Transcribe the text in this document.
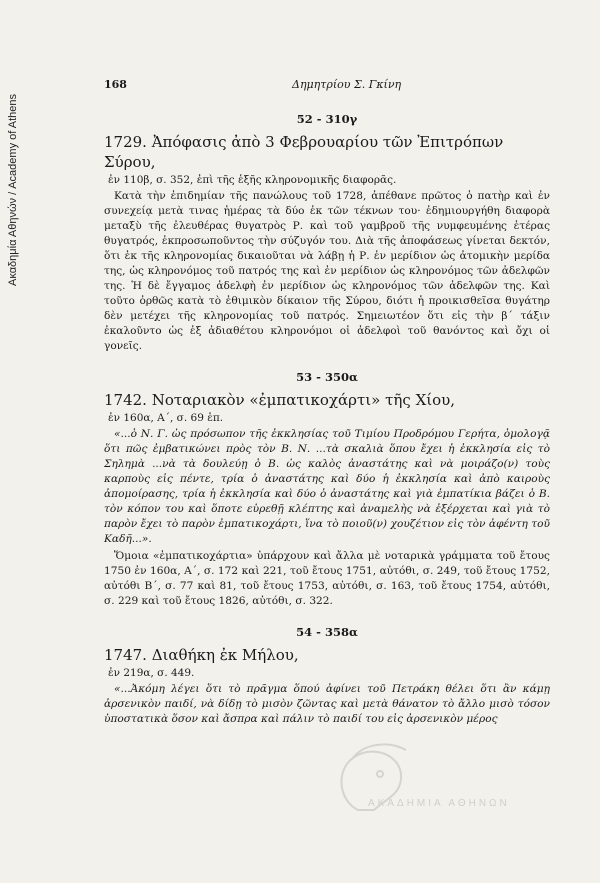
Ακαδημία Αθηνών / Academy of Athens
168	Δημητρίου Σ. Γκίνη
52 - 310γ
1729. Ἀπόφασις ἀπὸ 3 Φεβρουαρίου τῶν Ἐπιτρόπων Σύρου,
ἐν 110β, σ. 352, ἐπὶ τῆς ἑξῆς κληρονομικῆς διαφορᾶς.

Κατὰ τὴν ἐπιδημίαν τῆς πανώλους τοῦ 1728, ἀπέθανε πρῶτος ὁ πατὴρ καὶ ἐν συνεχείᾳ μετὰ τινας ἡμέρας τὰ δύο ἐκ τῶν τέκνων του· ἐδημιουργήθη διαφορὰ μεταξὺ τῆς ἐλευθέρας θυγατρὸς Ρ. καὶ τοῦ γαμβροῦ τῆς νυμφευμένης ἑτέρας θυγατρός, ἐκπροσωποῦντος τὴν σύζυγόν του. Διὰ τῆς ἀποφάσεως γίνεται δεκτόν, ὅτι ἐκ τῆς κληρονομίας δικαιοῦται νὰ λάβῃ ἡ Ρ. ἐν μερίδιον ὡς ἀτομικὴν μερίδα της, ὡς κληρονόμος τοῦ πατρός της καὶ ἐν μερίδιον ὡς κληρονόμος τῶν ἀδελφῶν της. Ἡ δὲ ἔγγαμος ἀδελφὴ ἐν μερίδιον ὡς κληρονόμος τῶν ἀδελφῶν της. Καὶ τοῦτο ὀρθῶς κατὰ τὸ ἐθιμικὸν δίκαιον τῆς Σύρου, διότι ἡ προικισθεῖσα θυγάτηρ δὲν μετέχει τῆς κληρονομίας τοῦ πατρός. Σημειωτέον ὅτι εἰς τὴν β΄ τάξιν ἐκαλοῦντο ὡς ἐξ ἀδιαθέτου κληρονόμοι οἱ ἀδελφοὶ τοῦ θανόντος καὶ ὄχι οἱ γονεῖς.

53 - 350α
1742. Νοταριακὸν «ἐμπατικοχάρτι» τῆς Χίου,
ἐν 160α, Α΄, σ. 69 ἑπ.

«...ὁ Ν. Γ. ὡς πρόσωπον τῆς ἐκκλησίας τοῦ Τιμίου Προδρόμου Γερήτα, ὁμολογᾷ ὅτι πῶς ἐμβατικώνει πρὸς τὸν Β. Ν. ...τὰ σκαλιὰ ὅπου ἔχει ἡ ἐκκλησία εἰς τὸ Σηλημὰ ...νὰ τὰ δουλεύῃ ὁ Β. ὡς καλὸς ἀναστάτης καὶ νὰ μοιράζο(ν) τοὺς καρποὺς εἰς πέντε, τρία ὁ ἀναστάτης καὶ δύο ἡ ἐκκλησία καὶ ἀπὸ καιροὺς ἀπομοίρασης, τρία ἡ ἐκκλησία καὶ δύο ὁ ἀναστάτης καὶ γιὰ ἐμπατίκια βάζει ὁ Β. τὸν κόπον του καὶ ὅποτε εὑρεθῇ κλέπτης καὶ ἀναμελὴς νὰ ἐξέρχεται καὶ γιὰ τὸ παρὸν ἔχει τὸ παρὸν ἐμπατικοχάρτι, ἵνα τὸ ποιοῦ(ν) χουζέτιον εἰς τὸν ἀφέντη τοῦ Καδῆ...».

Ὅμοια «ἐμπατικοχάρτια» ὑπάρχουν καὶ ἄλλα μὲ νοταρικὰ γράμματα τοῦ ἔτους 1750 ἐν 160α, Α΄, σ. 172 καὶ 221, τοῦ ἔτους 1751, αὐτόθι, σ. 249, τοῦ ἔτους 1752, αὐτόθι Β΄, σ. 77 καὶ 81, τοῦ ἔτους 1753, αὐτόθι, σ. 163, τοῦ ἔτους 1754, αὐτόθι, σ. 229 καὶ τοῦ ἔτους 1826, αὐτόθι, σ. 322.

54 - 358α
1747. Διαθήκη ἐκ Μήλου,
ἐν 219α, σ. 449.

«...Ἀκόμη λέγει ὅτι τὸ πρᾶγμα ὅπού ἀφίνει τοῦ Πετράκη θέλει ὅτι ἂν κάμῃ ἀρσενικὸν παιδί, νὰ δίδῃ τὸ μισὸν ζῶντας καὶ μετὰ θάνατον τὸ ἄλλο μισὸ τόσον ὑποστατικὰ ὅσον καὶ ἄσπρα καὶ πάλιν τὸ παιδί του εἰς ἀρσενικὸν μέρος

ΑΚΑΔΗΜΙΑ ΑΘΗΝΩΝ
